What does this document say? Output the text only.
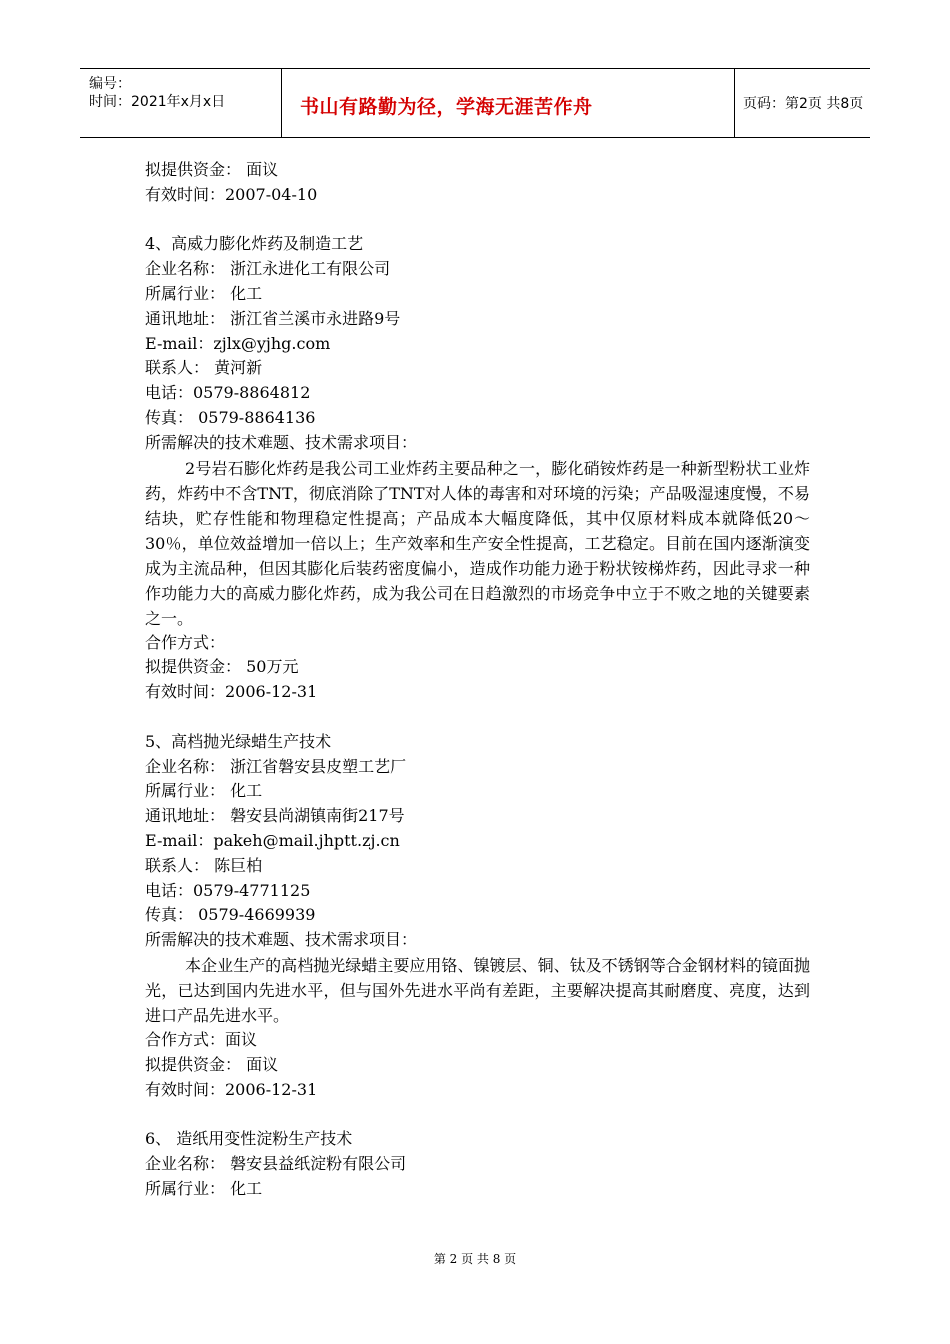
编号：
时间：2021年x月x日	书山有路勤为径，学海无涯苦作舟	页码：第2页 共8页
拟提供资金： 面议
有效时间：2007-04-10
4、高威力膨化炸药及制造工艺
企业名称： 浙江永进化工有限公司
所属行业： 化工
通讯地址： 浙江省兰溪市永进路9号
E-mail：zjlx@yjhg.com
联系人： 黄河新
电话：0579-8864812
传真： 0579-8864136
所需解决的技术难题、技术需求项目：
2号岩石膨化炸药是我公司工业炸药主要品种之一，膨化硝铵炸药是一种新型粉状工业炸药，炸药中不含TNT，彻底消除了TNT对人体的毒害和对环境的污染；产品吸湿速度慢，不易结块，贮存性能和物理稳定性提高；产品成本大幅度降低，其中仅原材料成本就降低20～30％，单位效益增加一倍以上；生产效率和生产安全性提高，工艺稳定。目前在国内逐渐演变成为主流品种，但因其膨化后装药密度偏小，造成作功能力逊于粉状铵梯炸药，因此寻求一种作功能力大的高威力膨化炸药，成为我公司在日趋激烈的市场竞争中立于不败之地的关键要素之一。
合作方式：
拟提供资金： 50万元
有效时间：2006-12-31
5、高档抛光绿蜡生产技术
企业名称： 浙江省磐安县皮塑工艺厂
所属行业： 化工
通讯地址： 磐安县尚湖镇南街217号
E-mail：pakeh@mail.jhptt.zj.cn
联系人： 陈巨柏
电话：0579-4771125
传真： 0579-4669939
所需解决的技术难题、技术需求项目：
本企业生产的高档抛光绿蜡主要应用铬、镍镀层、铜、钛及不锈钢等合金钢材料的镜面抛光，已达到国内先进水平，但与国外先进水平尚有差距，主要解决提高其耐磨度、亮度，达到进口产品先进水平。
合作方式：面议
拟提供资金： 面议
有效时间：2006-12-31
6、 造纸用变性淀粉生产技术
企业名称： 磐安县益纸淀粉有限公司
所属行业： 化工
第 2 页 共 8 页
